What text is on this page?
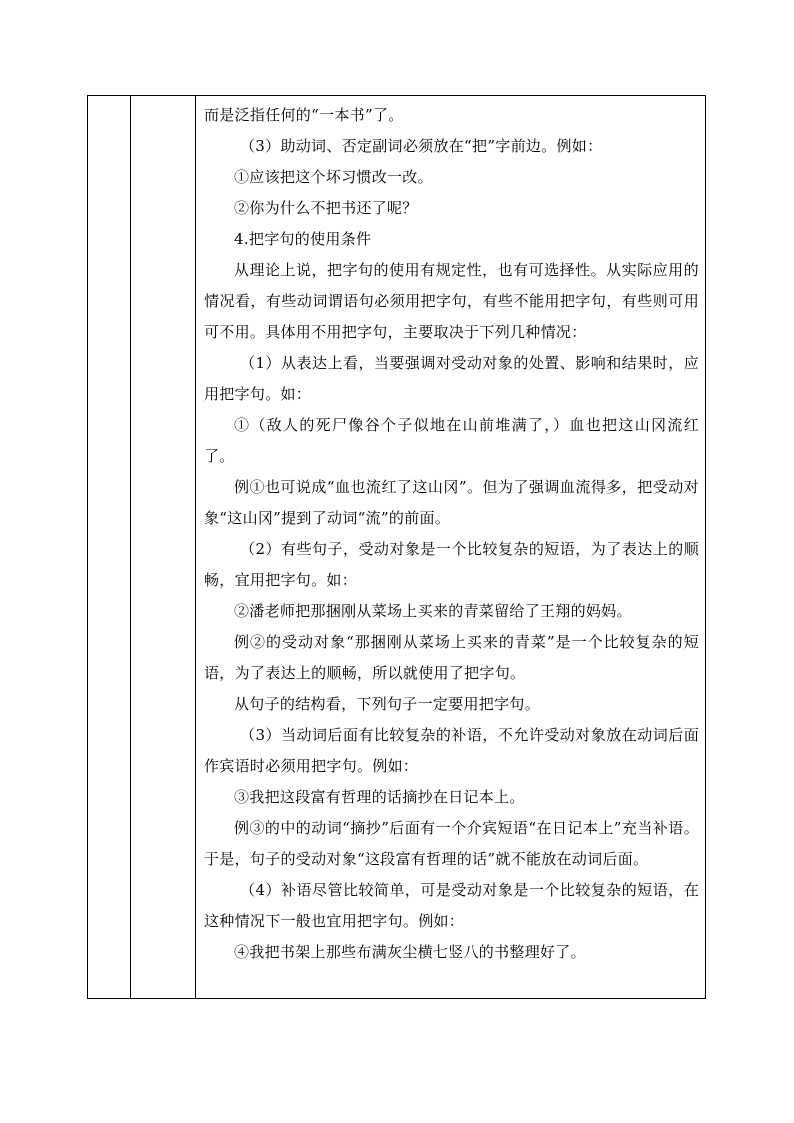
而是泛指任何的“一本书”了。

（3）助动词、否定副词必须放在“把”字前边。例如：

①应该把这个坏习惯改一改。

②你为什么不把书还了呢？

4.把字句的使用条件

从理论上说，把字句的使用有规定性，也有可选择性。从实际应用的情况看，有些动词谓语句必须用把字句，有些不能用把字句，有些则可用可不用。具体用不用把字句，主要取决于下列几种情况：

（1）从表达上看，当要强调对受动对象的处置、影响和结果时，应用把字句。如：

①（敌人的死尸像谷个子似地在山前堆满了，）血也把这山冈流红了。

例①也可说成“血也流红了这山冈”。但为了强调血流得多，把受动对象“这山冈”提到了动词“流”的前面。

（2）有些句子，受动对象是一个比较复杂的短语，为了表达上的顺畅，宜用把字句。如：

②潘老师把那捆刚从菜场上买来的青菜留给了王翔的妈妈。

例②的受动对象“那捆刚从菜场上买来的青菜”是一个比较复杂的短语，为了表达上的顺畅，所以就使用了把字句。

从句子的结构看，下列句子一定要用把字句。

（3）当动词后面有比较复杂的补语，不允许受动对象放在动词后面作宾语时必须用把字句。例如：

③我把这段富有哲理的话摘抄在日记本上。

例③的中的动词“摘抄”后面有一个介宾短语“在日记本上”充当补语。于是，句子的受动对象“这段富有哲理的话”就不能放在动词后面。

（4）补语尽管比较简单，可是受动对象是一个比较复杂的短语，在这种情况下一般也宜用把字句。例如：

④我把书架上那些布满灰尘横七竖八的书整理好了。
